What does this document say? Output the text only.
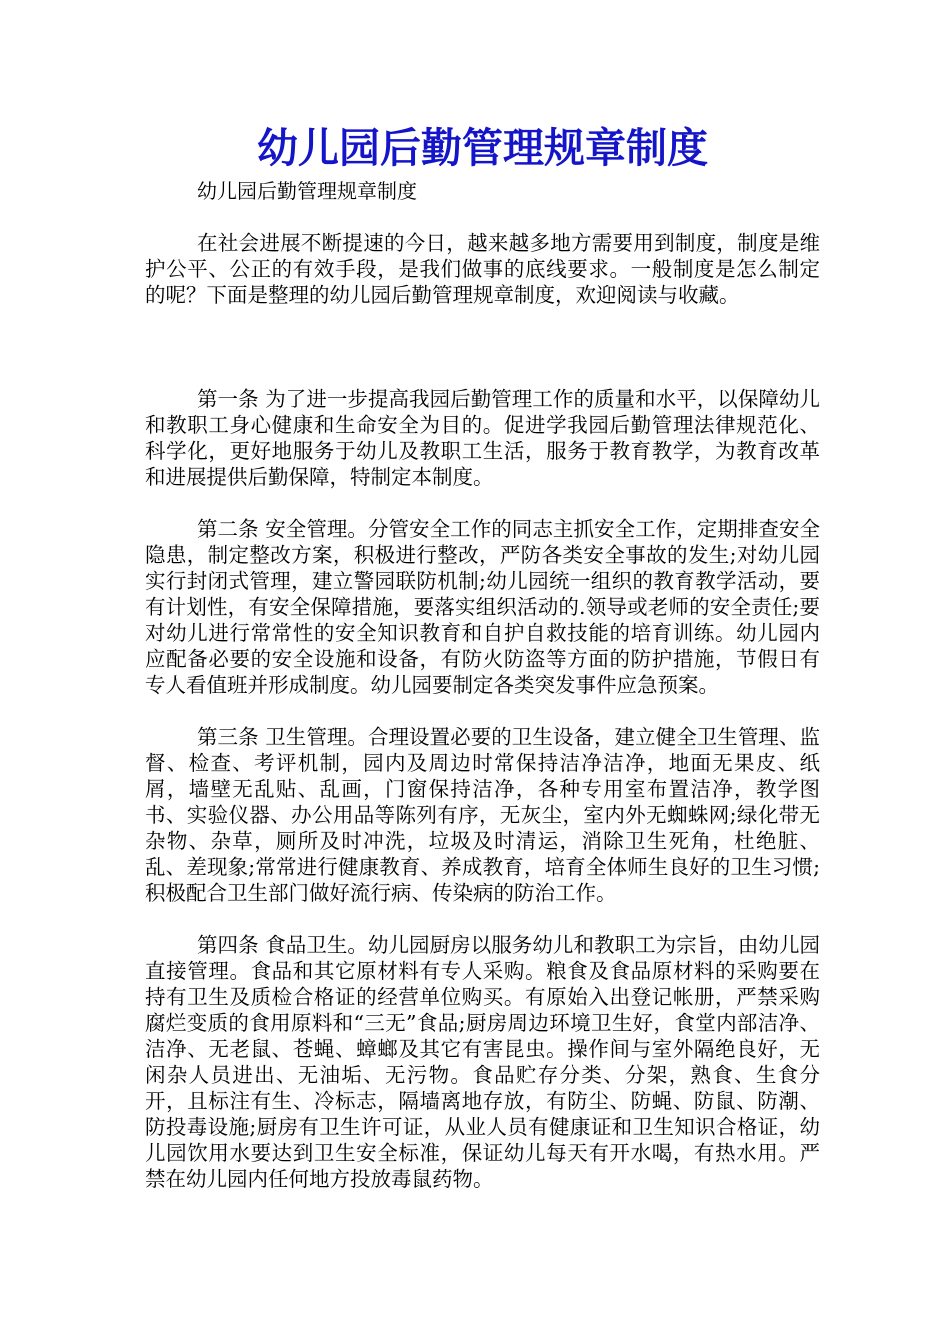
幼儿园后勤管理规章制度

幼儿园后勤管理规章制度

在社会进展不断提速的今日，越来越多地方需要用到制度，制度是维护公平、公正的有效手段，是我们做事的底线要求。一般制度是怎么制定的呢？下面是整理的幼儿园后勤管理规章制度，欢迎阅读与收藏。

第一条 为了进一步提高我园后勤管理工作的质量和水平，以保障幼儿和教职工身心健康和生命安全为目的。促进学我园后勤管理法律规范化、科学化，更好地服务于幼儿及教职工生活，服务于教育教学，为教育改革和进展提供后勤保障，特制定本制度。

第二条 安全管理。分管安全工作的同志主抓安全工作，定期排查安全隐患，制定整改方案，积极进行整改，严防各类安全事故的发生;对幼儿园实行封闭式管理，建立警园联防机制;幼儿园统一组织的教育教学活动，要有计划性，有安全保障措施，要落实组织活动的.领导或老师的安全责任;要对幼儿进行常常性的安全知识教育和自护自救技能的培育训练。幼儿园内应配备必要的安全设施和设备，有防火防盗等方面的防护措施，节假日有专人看值班并形成制度。幼儿园要制定各类突发事件应急预案。

第三条 卫生管理。合理设置必要的卫生设备，建立健全卫生管理、监督、检查、考评机制，园内及周边时常保持洁净洁净，地面无果皮、纸屑，墙壁无乱贴、乱画，门窗保持洁净，各种专用室布置洁净，教学图书、实验仪器、办公用品等陈列有序，无灰尘，室内外无蜘蛛网;绿化带无杂物、杂草，厕所及时冲洗，垃圾及时清运，消除卫生死角，杜绝脏、乱、差现象;常常进行健康教育、养成教育，培育全体师生良好的卫生习惯;积极配合卫生部门做好流行病、传染病的防治工作。

第四条 食品卫生。幼儿园厨房以服务幼儿和教职工为宗旨，由幼儿园直接管理。食品和其它原材料有专人采购。粮食及食品原材料的采购要在持有卫生及质检合格证的经营单位购买。有原始入出登记帐册，严禁采购腐烂变质的食用原料和“三无”食品;厨房周边环境卫生好，食堂内部洁净、洁净、无老鼠、苍蝇、蟑螂及其它有害昆虫。操作间与室外隔绝良好，无闲杂人员进出、无油垢、无污物。食品贮存分类、分架，熟食、生食分开，且标注有生、冷标志，隔墙离地存放，有防尘、防蝇、防鼠、防潮、防投毒设施;厨房有卫生许可证，从业人员有健康证和卫生知识合格证，幼儿园饮用水要达到卫生安全标准，保证幼儿每天有开水喝，有热水用。严禁在幼儿园内任何地方投放毒鼠药物。
